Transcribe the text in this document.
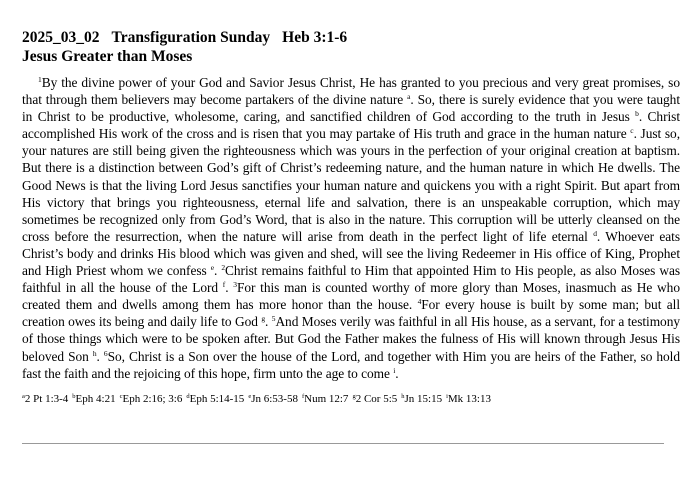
2025_03_02 Transfiguration Sunday Heb 3:1-6
Jesus Greater than Moses
$^1$By the divine power of your God and Savior Jesus Christ, He has granted to you precious and very great promises, so that through them believers may become partakers of the divine nature $^a$. So, there is surely evidence that you were taught in Christ to be productive, wholesome, caring, and sanctified children of God according to the truth in Jesus $^b$. Christ accomplished His work of the cross and is risen that you may partake of His truth and grace in the human nature $^c$. Just so, your natures are still being given the righteousness which was yours in the perfection of your original creation at baptism. But there is a distinction between God’s gift of Christ’s redeeming nature, and the human nature in which He dwells. The Good News is that the living Lord Jesus sanctifies your human nature and quickens you with a right Spirit. But apart from His victory that brings you righteousness, eternal life and salvation, there is an unspeakable corruption, which may sometimes be recognized only from God’s Word, that is also in the nature. This corruption will be utterly cleansed on the cross before the resurrection, when the nature will arise from death in the perfect light of life eternal $^d$. Whoever eats Christ’s body and drinks His blood which was given and shed, will see the living Redeemer in His office of King, Prophet and High Priest whom we confess $^e$. $^2$Christ remains faithful to Him that appointed Him to His people, as also Moses was faithful in all the house of the Lord $^f$. $^3$For this man is counted worthy of more glory than Moses, inasmuch as He who created them and dwells among them has more honor than the house. $^4$For every house is built by some man; but all creation owes its being and daily life to God $^g$. $^5$And Moses verily was faithful in all His house, as a servant, for a testimony of those things which were to be spoken after. But God the Father makes the fulness of His will known through Jesus His beloved Son $^h$. $^6$So, Christ is a Son over the house of the Lord, and together with Him you are heirs of the Father, so hold fast the faith and the rejoicing of this hope, firm unto the age to come $^i$.
$^a$2 Pt 1:3-4 $^b$Eph 4:21 $^c$Eph 2:16; 3:6 $^d$Eph 5:14-15 $^e$Jn 6:53-58 $^f$Num 12:7 $^g$2 Cor 5:5 $^h$Jn 15:15 $^i$Mk 13:13
